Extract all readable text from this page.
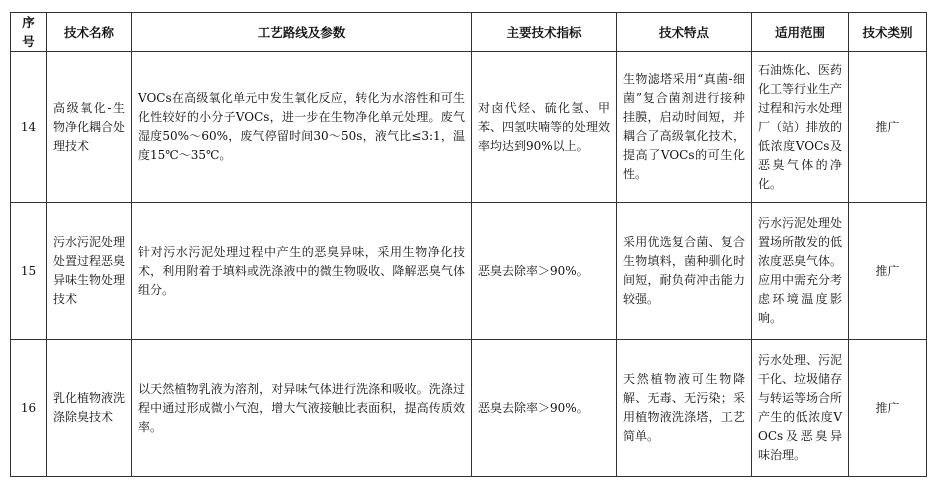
序号	技术名称	工艺路线及参数	主要技术指标	技术特点	适用范围	技术类别
14	高级氧化-生物净化耦合处理技术	VOCs在高级氧化单元中发生氧化反应，转化为水溶性和可生化性较好的小分子VOCs，进一步在生物净化单元处理。废气湿度50%～60%，废气停留时间30～50s，液气比≤3:1，温度15℃～35℃。	对卤代烃、硫化氢、甲苯、四氢呋喃等的处理效率均达到90%以上。	生物滤塔采用“真菌-细菌”复合菌剂进行接种挂膜，启动时间短，并耦合了高级氧化技术，提高了VOCs的可生化性。	石油炼化、医药化工等行业生产过程和污水处理厂（站）排放的低浓度VOCs及恶臭气体的净化。	推广
15	污水污泥处理处置过程恶臭异味生物处理技术	针对污水污泥处理过程中产生的恶臭异味，采用生物净化技术，利用附着于填料或洗涤液中的微生物吸收、降解恶臭气体组分。	恶臭去除率＞90%。	采用优选复合菌、复合生物填料，菌种驯化时间短，耐负荷冲击能力较强。	污水污泥处理处置场所散发的低浓度恶臭气体。应用中需充分考虑环境温度影响。	推广
16	乳化植物液洗涤除臭技术	以天然植物乳液为溶剂，对异味气体进行洗涤和吸收。洗涤过程中通过形成微小气泡，增大气液接触比表面积，提高传质效率。	恶臭去除率＞90%。	天然植物液可生物降解、无毒、无污染；采用植物液洗涤塔，工艺简单。	污水处理、污泥干化、垃圾储存与转运等场合所产生的低浓度VOCs及恶臭异味治理。	推广
